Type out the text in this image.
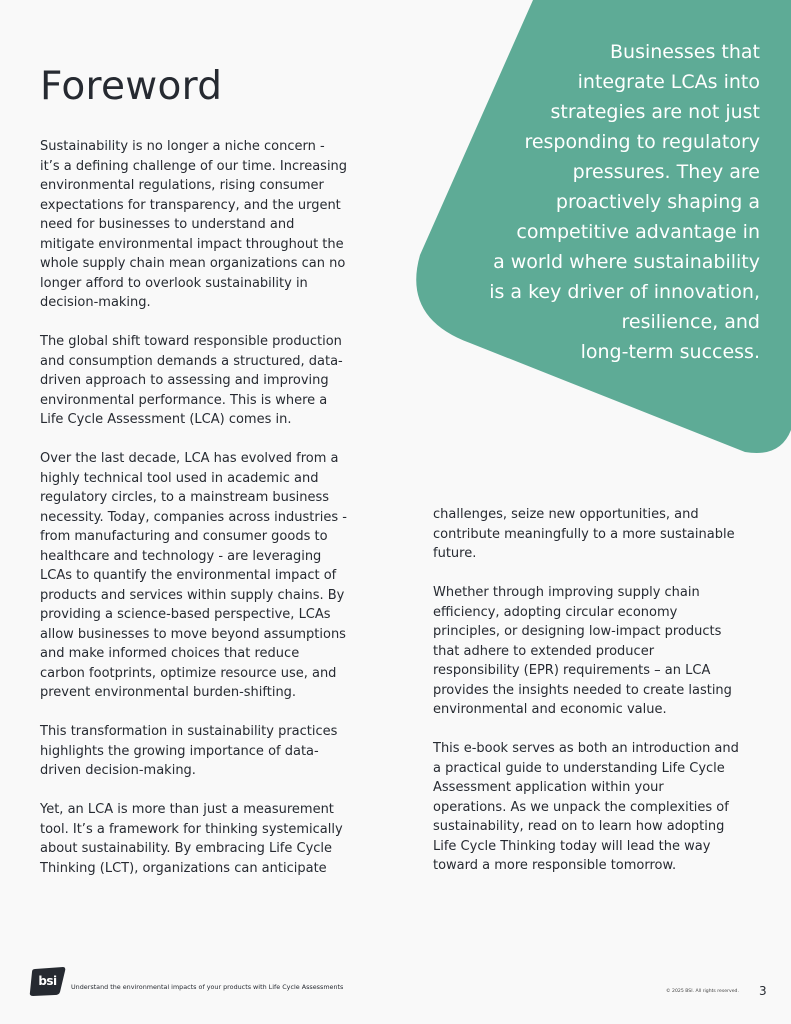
Foreword
Businesses that
integrate LCAs into
strategies are not just
responding to regulatory
pressures. They are
proactively shaping a
competitive advantage in
a world where sustainability
is a key driver of innovation,
resilience, and
long-term success.

Sustainability is no longer a niche concern -
it’s a defining challenge of our time. Increasing
environmental regulations, rising consumer
expectations for transparency, and the urgent
need for businesses to understand and
mitigate environmental impact throughout the
whole supply chain mean organizations can no
longer afford to overlook sustainability in
decision-making.

The global shift toward responsible production
and consumption demands a structured, data-
driven approach to assessing and improving
environmental performance. This is where a
Life Cycle Assessment (LCA) comes in.

Over the last decade, LCA has evolved from a
highly technical tool used in academic and
regulatory circles, to a mainstream business
necessity. Today, companies across industries -
from manufacturing and consumer goods to
healthcare and technology - are leveraging
LCAs to quantify the environmental impact of
products and services within supply chains. By
providing a science-based perspective, LCAs
allow businesses to move beyond assumptions
and make informed choices that reduce
carbon footprints, optimize resource use, and
prevent environmental burden-shifting.

This transformation in sustainability practices
highlights the growing importance of data-
driven decision-making.

Yet, an LCA is more than just a measurement
tool. It’s a framework for thinking systemically
about sustainability. By embracing Life Cycle
Thinking (LCT), organizations can anticipate

challenges, seize new opportunities, and
contribute meaningfully to a more sustainable
future.

Whether through improving supply chain
efficiency, adopting circular economy
principles, or designing low-impact products
that adhere to extended producer
responsibility (EPR) requirements – an LCA
provides the insights needed to create lasting
environmental and economic value.

This e-book serves as both an introduction and
a practical guide to understanding Life Cycle
Assessment application within your
operations. As we unpack the complexities of
sustainability, read on to learn how adopting
Life Cycle Thinking today will lead the way
toward a more responsible tomorrow.

bsi	Understand the environmental impacts of your products with Life Cycle Assessments
© 2025 BSI. All rights reserved. 3
